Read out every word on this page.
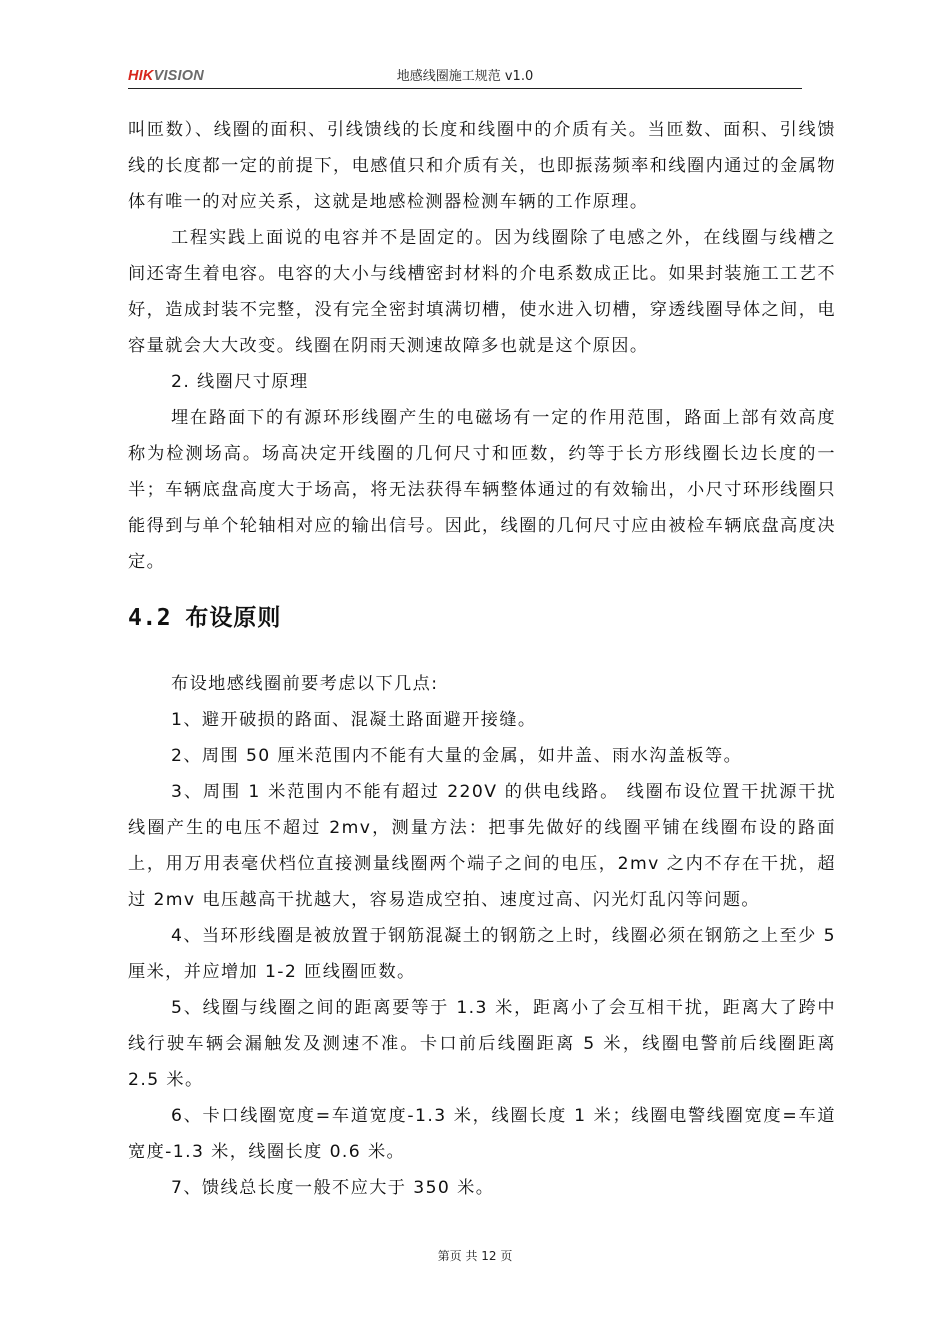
HIKVISION	地感线圈施工规范 v1.0

叫匝数）、线圈的面积、引线馈线的长度和线圈中的介质有关。当匝数、面积、引线馈线的长度都一定的前提下，电感值只和介质有关，也即振荡频率和线圈内通过的金属物体有唯一的对应关系，这就是地感检测器检测车辆的工作原理。

工程实践上面说的电容并不是固定的。因为线圈除了电感之外，在线圈与线槽之间还寄生着电容。电容的大小与线槽密封材料的介电系数成正比。如果封装施工工艺不好，造成封装不完整，没有完全密封填满切槽，使水进入切槽，穿透线圈导体之间，电容量就会大大改变。线圈在阴雨天测速故障多也就是这个原因。

2. 线圈尺寸原理

埋在路面下的有源环形线圈产生的电磁场有一定的作用范围，路面上部有效高度称为检测场高。场高决定开线圈的几何尺寸和匝数，约等于长方形线圈长边长度的一半；车辆底盘高度大于场高，将无法获得车辆整体通过的有效输出，小尺寸环形线圈只能得到与单个轮轴相对应的输出信号。因此，线圈的几何尺寸应由被检车辆底盘高度决定。

4.2 布设原则

布设地感线圈前要考虑以下几点:

1、避开破损的路面、混凝土路面避开接缝。

2、周围 50 厘米范围内不能有大量的金属，如井盖、雨水沟盖板等。

3、周围 1 米范围内不能有超过 220V 的供电线路。 线圈布设位置干扰源干扰线圈产生的电压不超过 2mv，测量方法：把事先做好的线圈平铺在线圈布设的路面上，用万用表毫伏档位直接测量线圈两个端子之间的电压，2mv 之内不存在干扰，超过 2mv 电压越高干扰越大，容易造成空拍、速度过高、闪光灯乱闪等问题。

4、当环形线圈是被放置于钢筋混凝土的钢筋之上时，线圈必须在钢筋之上至少 5 厘米，并应增加 1-2 匝线圈匝数。

5、线圈与线圈之间的距离要等于 1.3 米，距离小了会互相干扰，距离大了跨中线行驶车辆会漏触发及测速不准。卡口前后线圈距离 5 米，线圈电警前后线圈距离 2.5 米。

6、卡口线圈宽度=车道宽度-1.3 米，线圈长度 1 米；线圈电警线圈宽度=车道宽度-1.3 米，线圈长度 0.6 米。

7、馈线总长度一般不应大于 350 米。

第页 共 12 页
